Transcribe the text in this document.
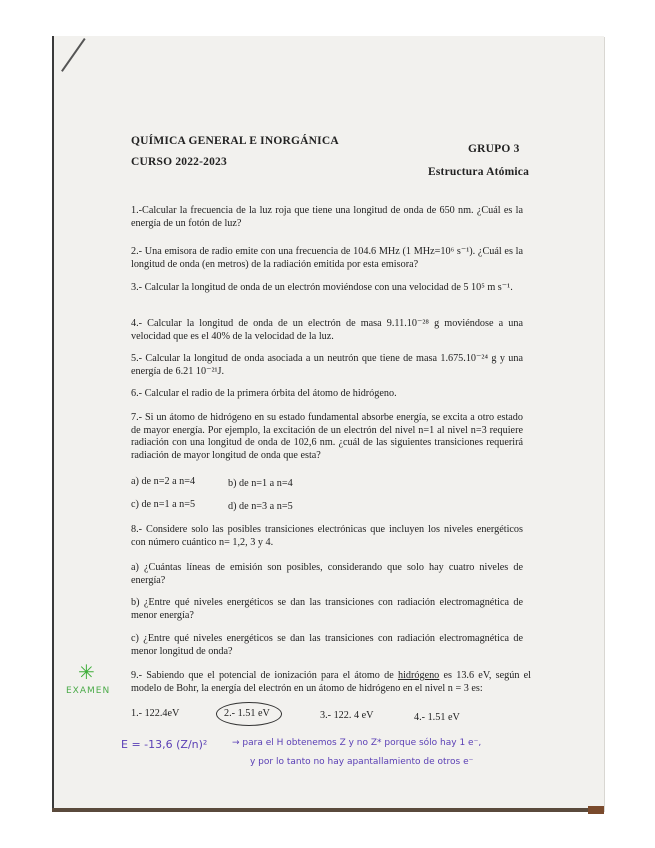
QUÍMICA GENERAL E INORGÁNICA
CURSO 2022-2023
GRUPO 3
Estructura Atómica
1.-Calcular la frecuencia de la luz roja que tiene una longitud de onda de 650 nm. ¿Cuál es la energía de un fotón de luz?
2.- Una emisora de radio emite con una frecuencia de 104.6 MHz (1 MHz=10⁶ s⁻¹). ¿Cuál es la longitud de onda (en metros) de la radiación emitida por esta emisora?
3.- Calcular la longitud de onda de un electrón moviéndose con una velocidad de 5 10⁵ m s⁻¹.
4.- Calcular la longitud de onda de un electrón de masa 9.11.10⁻²⁸ g moviéndose a una velocidad que es el 40% de la velocidad de la luz.
5.- Calcular la longitud de onda asociada a un neutrón que tiene de masa 1.675.10⁻²⁴ g y una energía de 6.21 10⁻²¹J.
6.- Calcular el radio de la primera órbita del átomo de hidrógeno.
7.- Si un átomo de hidrógeno en su estado fundamental absorbe energía, se excita a otro estado de mayor energía. Por ejemplo, la excitación de un electrón del nivel n=1 al nivel n=3 requiere radiación con una longitud de onda de 102,6 nm. ¿cuál de las siguientes transiciones requerirá radiación de mayor longitud de onda que esta?
a) de n=2 a n=4	b) de n=1 a n=4
c) de n=1 a n=5	d) de n=3 a n=5
8.- Considere solo las posibles transiciones electrónicas que incluyen los niveles energéticos con número cuántico n= 1,2, 3 y 4.
a) ¿Cuántas líneas de emisión son posibles, considerando que solo hay cuatro niveles de energía?
b) ¿Entre qué niveles energéticos se dan las transiciones con radiación electromagnética de menor energía?
c) ¿Entre qué niveles energéticos se dan las transiciones con radiación electromagnética de menor longitud de onda?
✳
EXAMEN
9.- Sabiendo que el potencial de ionización para el átomo de hidrógeno es 13.6 eV, según el modelo de Bohr, la energía del electrón en un átomo de hidrógeno en el nivel n = 3 es:
1.- 122.4eV	2.- 1.51 eV	3.- 122. 4 eV	4.- 1.51 eV
E = -13,6 (Z/n)²	→ para el H obtenemos Z y no Z* porque sólo hay 1 e⁻,
y por lo tanto no hay apantallamiento de otros e⁻
